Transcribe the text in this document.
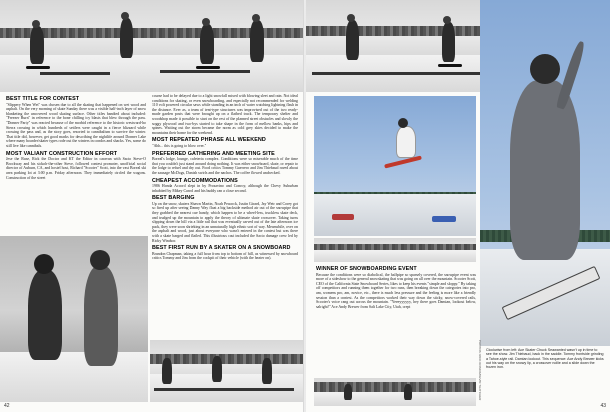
BEST TITLE FOR CONTEST

"Slippery When Wet" was chosen due to all the skating that happened on wet wood and asphalt. On the very morning of skate Sunday there was a visible half-inch layer of snow blanketing the uncovered wood skating surface. Other titles bandied about included: "Freezer Burn" in reference to the bone chilling icy blasts that blew through the pass. "Donner Party" was reacted because of the morbid reference to the historic westward-ho Sierra crossing in which hundreds of settlers were caught in a fierce blizzard while crossing the pass and, as the story goes, resorted to cannibalism to survive the winter. That title did, however, get good marks for describing the nightlife around Donner Lake where many boarder/skater types rode out the winters in condos and shacks. Yes, some do still live like cannibals.

MOST VALIANT CONSTRUCTION EFFORT

Jese the Ruse, Rick the Doctor and KT the Editor in caravan with Sacto Steve-O Brockway and his sickoh-the-other Steve, followed contest promoter, unofficial social director of Auburn, CA, and hostel host, Richard "Scooter" Scott, into the vast Boreal ski area parking lot at 3:00 p.m. Friday afternoon. They immediately circled the wagons. Construction of the street

course had to be delayed due to a light snowfall mixed with blowing sleet and rain. Not ideal conditions for skating, or even snowboarding, and especially not recommended for welding 110 volt powered circular saws while standing in an inch of water watching lightning flash in the distance. Ever as, a team of tent-type structures was improvised out of the two ready-made garden posts that were brought up on a flatbed truck. The temporary shelter and woodshop made it possible to start on the rest of the planned street obstacles and slowly the soggy plywood and two-bys started to take shape in the form of mellow banks, hips and spines. Waiting out the storm became the norm as cold grey skies decided to make the mountains their home for the weekend.

MOST REPEATED PHRASE ALL WEEKEND

"Ahh... this is going to blow over."

PREFERRED GATHERING AND MEETING SITE

Boreal's lodge, lounge, cafeteria complex. Conditions were so miserable much of the time that you couldn't just stand around doing nothing. It was either snowboard, skate, or repair to the lodge to refuel and dry out. Food critics Tommy Guerrero and Jim Thiebaud raved about the sausage McDogs, Danish swirls and the nachos. The coffee flowed unchecked.

CHEAPEST ACCOMMODATIONS

1986 Honda Accord slept in by Prosavino and Conroy, although the Chevy Suburban inhabited by Mikey Carrol and his buddy ran a close second.

BEST BARGING

Up on the snow, skaters Shawn Martin, Noah Peacock, Justin Girard, Jay Weir and Corey got so fired up after seeing Danny Way float a big backside method air out of the snowpipe that they grabbed the nearest cue handy, which happen to be a wheel-less, truckless skate deck, and trudged up the mountain to apply the theory of ultimate skate crossover. Taking turns slipping down the hill via a little rail that was eventually carved out of the late afternoon ice pack, they were soon shrieking in an unnaturally high ethnic sort of way. Meanwhile, over on the asphalt and wood, just about everyone who wasn't entered in the contest but was there with a skate barged and flailed. This illustrious cast included the Sacto damage crew led by Ricky Windsor.

BEST FIRST RUN BY A SKATER ON A SNOWBOARD

Brandon Chapman, taking a full hour from top to bottom of hill, as witnessed by snowboard critics Tommy and Jim from the cockpit of their vehicle (with the heater on).

42
WINNER OF SNOWBOARDING EVENT

Because the conditions were so diabolical, the halfpipe so sparsely covered, the snowpipe event was more of a sideshow to the general snowskating that was going on all over the mountain. Scooter Scott, CEO of the California State Snowboard Series, likes to keep his events "simple and sloppy." By taking off competitors and running them together for two runs, then breaking down the categories into pro, am, womens pro, am, novice, etc., there is much less pressure and the feeling is more like a friendly session than a contest. As the competitors worked their way down the sticky, snow-covered rails, Scooter's voice rang out across the mountain. "Yeeeyyyyyy, hey there goes Damian, lookout below, salright!" Ace Andy Brewer from Salt Lake City, Utah, crept

Clockwise from left: Ace Skater Chuck Seawanted wasn't up in time to see the show. Jim Thiebaud, back in the saddle. Tommy frontside grinding a Tahoe-style rail. Damian lookout. This sequence: Ace Andy Brewer kicks out his way on the snowy lip, a crossover nollie and a slide down the frozen iron.
PHOTOS: RICK KOSICK/KEVIN THATCHER
43
